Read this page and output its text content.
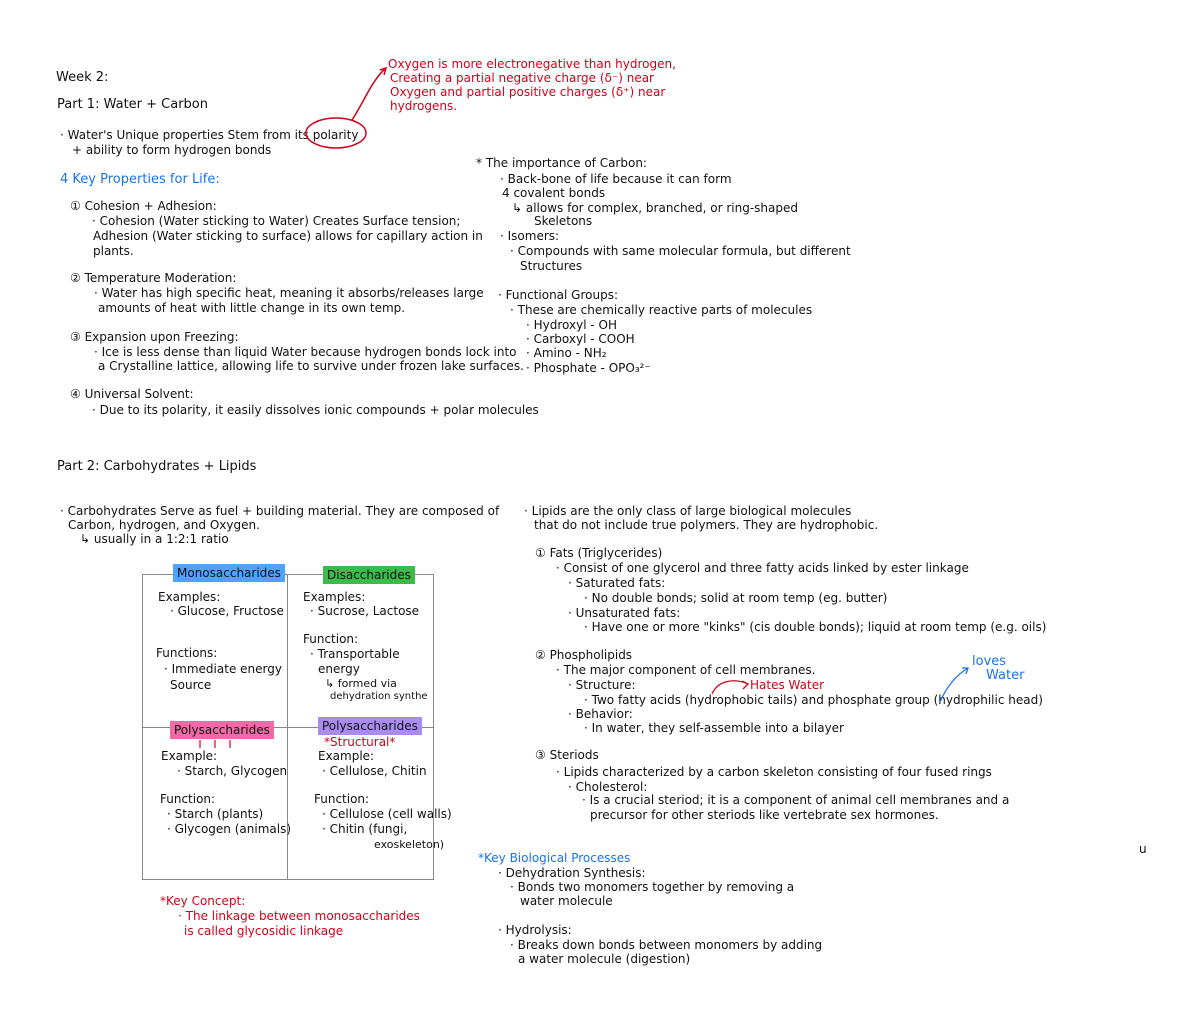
Week 2:
Part 1: Water + Carbon
· Water's Unique properties Stem from its polarity
+ ability to form hydrogen bonds
Oxygen is more electronegative than hydrogen,
Creating a partial negative charge (δ⁻) near
Oxygen and partial positive charges (δ⁺) near
hydrogens.
4 Key Properties for Life:
① Cohesion + Adhesion:
· Cohesion (Water sticking to Water) Creates Surface tension;
Adhesion (Water sticking to surface) allows for capillary action in
plants.
② Temperature Moderation:
· Water has high specific heat, meaning it absorbs/releases large
amounts of heat with little change in its own temp.
③ Expansion upon Freezing:
· Ice is less dense than liquid Water because hydrogen bonds lock into
a Crystalline lattice, allowing life to survive under frozen lake surfaces.
④ Universal Solvent:
· Due to its polarity, it easily dissolves ionic compounds + polar molecules
* The importance of Carbon:
· Back-bone of life because it can form
4 covalent bonds
↳ allows for complex, branched, or ring-shaped
Skeletons
· Isomers:
· Compounds with same molecular formula, but different
Structures
· Functional Groups:
· These are chemically reactive parts of molecules
· Hydroxyl - OH
· Carboxyl - COOH
· Amino - NH₂
· Phosphate - OPO₃²⁻
Part 2: Carbohydrates + Lipids
· Carbohydrates Serve as fuel + building material. They are composed of
Carbon, hydrogen, and Oxygen.
↳ usually in a 1:2:1 ratio
Monosaccharides	Disaccharides
Polysaccharides	Polysaccharides
*Structural*
Examples:
· Glucose, Fructose
Functions:
· Immediate energy
Source
Examples:
· Sucrose, Lactose
Function:
· Transportable
energy
↳ formed via
dehydration synthe
Example:
· Starch, Glycogen
Function:
· Starch (plants)
· Glycogen (animals)
Example:
· Cellulose, Chitin
Function:
· Cellulose (cell walls)
· Chitin (fungi,
exoskeleton)
*Key Concept:
· The linkage between monosaccharides
is called glycosidic linkage
· Lipids are the only class of large biological molecules
that do not include true polymers. They are hydrophobic.
① Fats (Triglycerides)
· Consist of one glycerol and three fatty acids linked by ester linkage
· Saturated fats:
· No double bonds; solid at room temp (eg. butter)
· Unsaturated fats:
· Have one or more "kinks" (cis double bonds); liquid at room temp (e.g. oils)
② Phospholipids
· The major component of cell membranes.
· Structure:
· Two fatty acids (hydrophobic tails) and phosphate group (hydrophilic head)
· Behavior:
· In water, they self-assemble into a bilayer
Hates Water
loves
Water
③ Steriods
· Lipids characterized by a carbon skeleton consisting of four fused rings
· Cholesterol:
· Is a crucial steriod; it is a component of animal cell membranes and a
precursor for other steriods like vertebrate sex hormones.
*Key Biological Processes
· Dehydration Synthesis:
· Bonds two monomers together by removing a
water molecule
· Hydrolysis:
· Breaks down bonds between monomers by adding
a water molecule (digestion)
u
